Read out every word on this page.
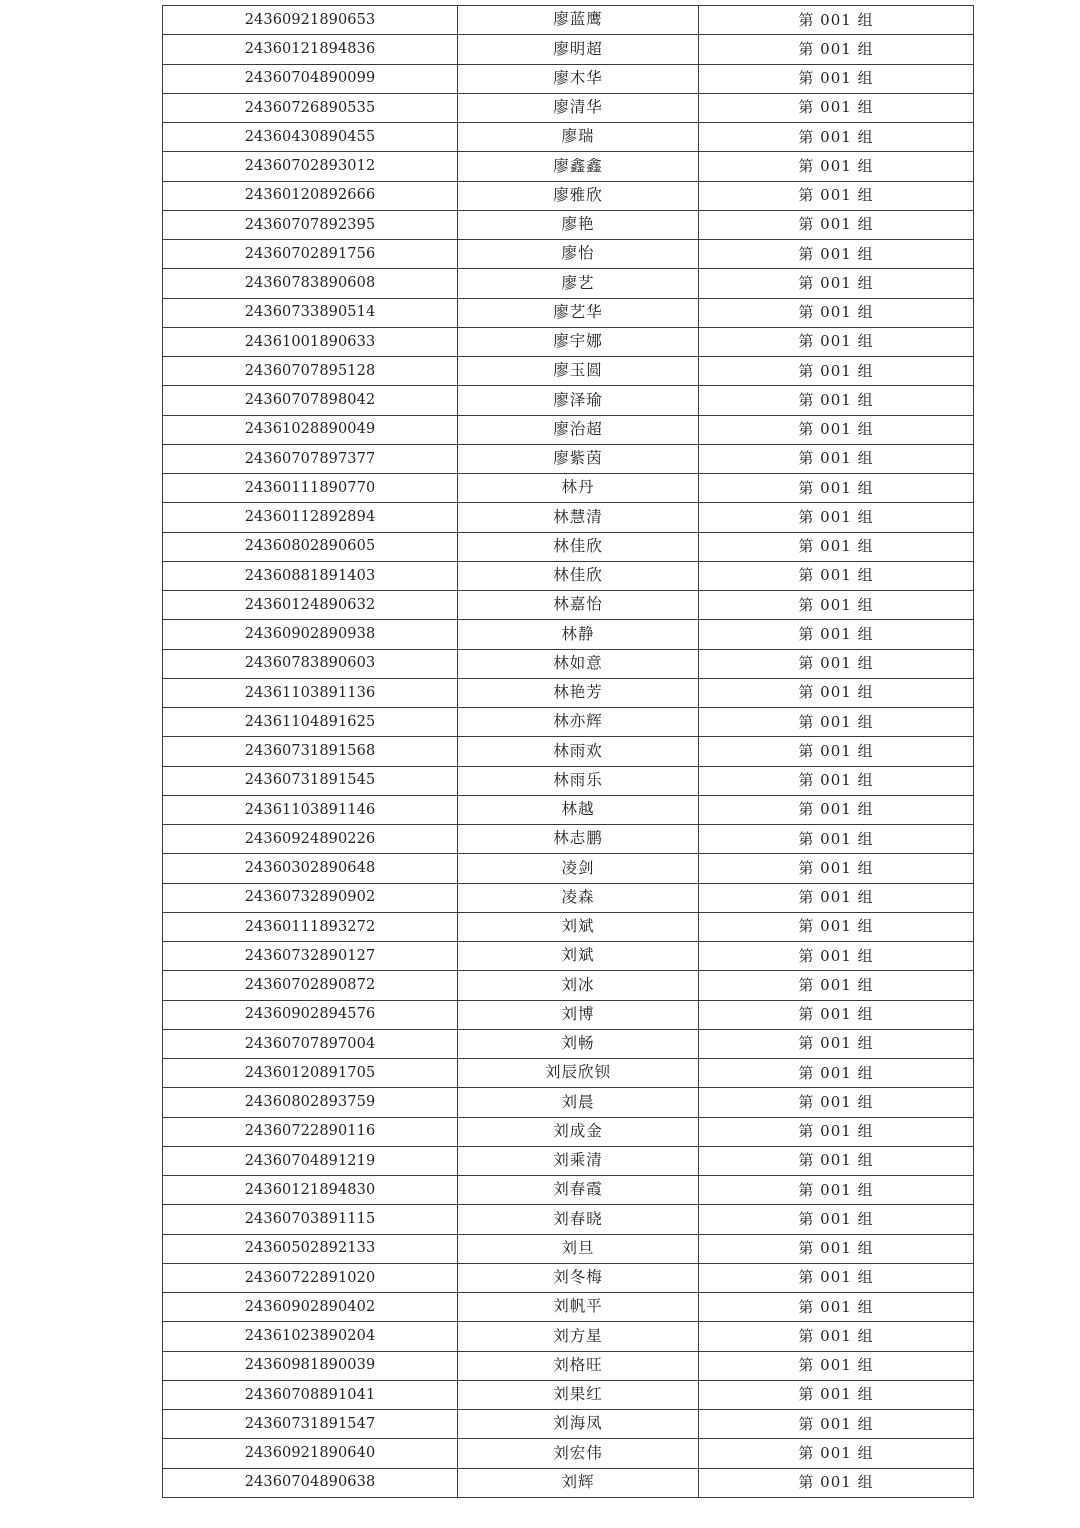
24360921890653	廖蓝鹰	第 001 组
24360121894836	廖明超	第 001 组
24360704890099	廖木华	第 001 组
24360726890535	廖清华	第 001 组
24360430890455	廖瑞	第 001 组
24360702893012	廖鑫鑫	第 001 组
24360120892666	廖雅欣	第 001 组
24360707892395	廖艳	第 001 组
24360702891756	廖怡	第 001 组
24360783890608	廖艺	第 001 组
24360733890514	廖艺华	第 001 组
24361001890633	廖宇娜	第 001 组
24360707895128	廖玉圆	第 001 组
24360707898042	廖泽瑜	第 001 组
24361028890049	廖治超	第 001 组
24360707897377	廖紫茵	第 001 组
24360111890770	林丹	第 001 组
24360112892894	林慧清	第 001 组
24360802890605	林佳欣	第 001 组
24360881891403	林佳欣	第 001 组
24360124890632	林嘉怡	第 001 组
24360902890938	林静	第 001 组
24360783890603	林如意	第 001 组
24361103891136	林艳芳	第 001 组
24361104891625	林亦辉	第 001 组
24360731891568	林雨欢	第 001 组
24360731891545	林雨乐	第 001 组
24361103891146	林越	第 001 组
24360924890226	林志鹏	第 001 组
24360302890648	凌剑	第 001 组
24360732890902	凌森	第 001 组
24360111893272	刘斌	第 001 组
24360732890127	刘斌	第 001 组
24360702890872	刘冰	第 001 组
24360902894576	刘博	第 001 组
24360707897004	刘畅	第 001 组
24360120891705	刘辰欣钡	第 001 组
24360802893759	刘晨	第 001 组
24360722890116	刘成金	第 001 组
24360704891219	刘乘清	第 001 组
24360121894830	刘春霞	第 001 组
24360703891115	刘春晓	第 001 组
24360502892133	刘旦	第 001 组
24360722891020	刘冬梅	第 001 组
24360902890402	刘帆平	第 001 组
24361023890204	刘方星	第 001 组
24360981890039	刘格旺	第 001 组
24360708891041	刘果红	第 001 组
24360731891547	刘海凤	第 001 组
24360921890640	刘宏伟	第 001 组
24360704890638	刘辉	第 001 组
